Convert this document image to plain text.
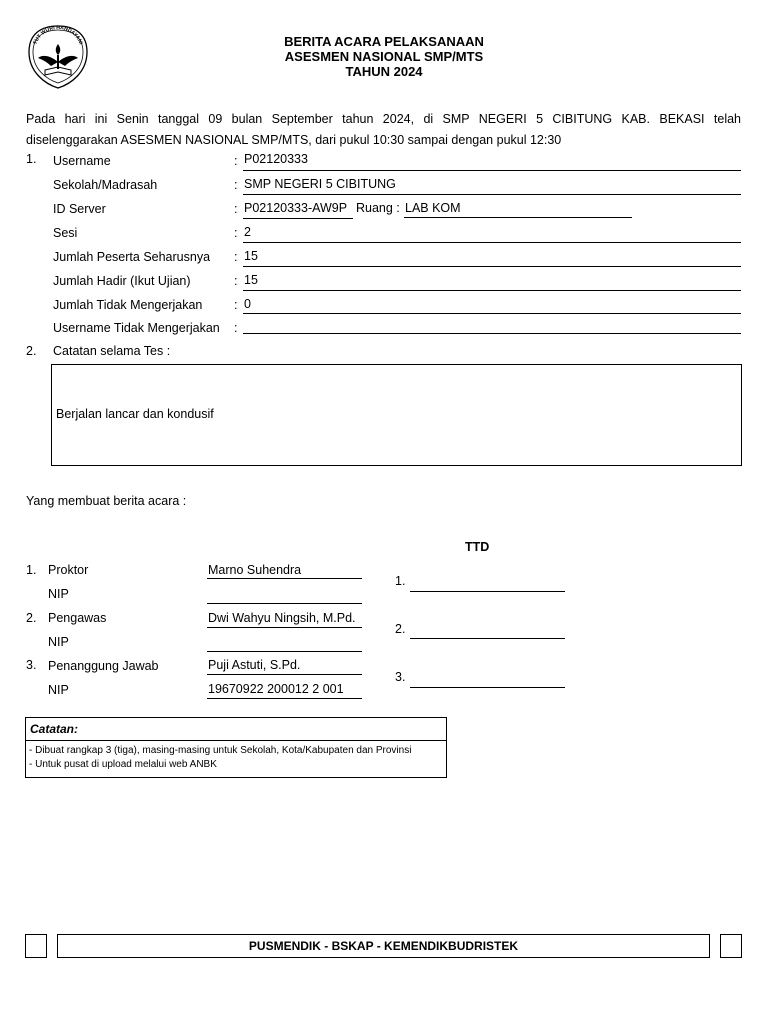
TUT WURI HANDAYANI	BERITA ACARA PELAKSANAAN
ASESMEN NASIONAL SMP/MTS
TAHUN 2024

Pada hari ini Senin tanggal 09 bulan September tahun 2024, di SMP NEGERI 5 CIBITUNG KAB. BEKASI telah

diselenggarakan ASESMEN NASIONAL SMP/MTS, dari pukul 10:30 sampai dengan pukul 12:30

1. Username	: P02120333
Sekolah/Madrasah	: SMP NEGERI 5 CIBITUNG
ID Server	: P02120333-AW9P Ruang : LAB KOM
Sesi	: 2
Jumlah Peserta Seharusnya : 15
Jumlah Hadir (Ikut Ujian)	: 15
Jumlah Tidak Mengerjakan	: 0
Username Tidak Mengerjakan :
2. Catatan selama Tes :
Berjalan lancar dan kondusif
Yang membuat berita acara :
TTD
1. Proktor	Marno Suhendra
NIP
1.
2. Pengawas	Dwi Wahyu Ningsih, M.Pd.
NIP
2.
3. Penanggung Jawab	Puji Astuti, S.Pd.
NIP	19670922 200012 2 001
3.
Catatan:
- Dibuat rangkap 3 (tiga), masing-masing untuk Sekolah, Kota/Kabupaten dan Provinsi
- Untuk pusat di upload melalui web ANBK
PUSMENDIK - BSKAP - KEMENDIKBUDRISTEK
